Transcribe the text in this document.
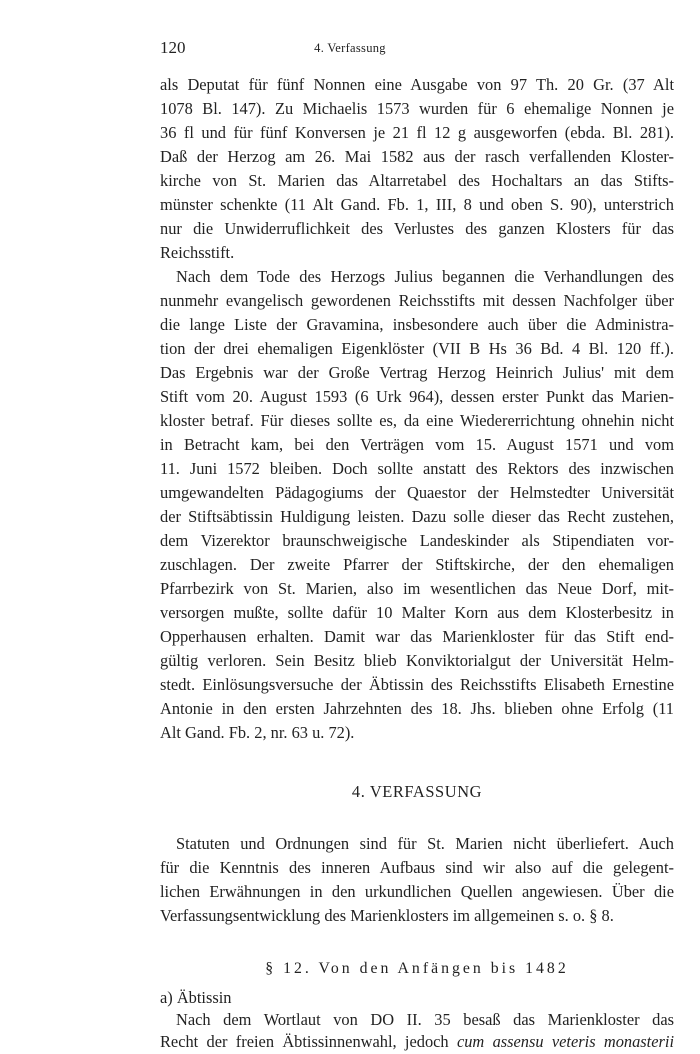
120	4. Verfassung
als Deputat für fünf Nonnen eine Ausgabe von 97 Th. 20 Gr. (37 Alt
1078 Bl. 147). Zu Michaelis 1573 wurden für 6 ehemalige Nonnen je
36 fl und für fünf Konversen je 21 fl 12 g ausgeworfen (ebda. Bl. 281).
Daß der Herzog am 26. Mai 1582 aus der rasch verfallenden Kloster-
kirche von St. Marien das Altarretabel des Hochaltars an das Stifts-
münster schenkte (11 Alt Gand. Fb. 1, III, 8 und oben S. 90), unterstrich
nur die Unwiderruflichkeit des Verlustes des ganzen Klosters für das
Reichsstift.
Nach dem Tode des Herzogs Julius begannen die Verhandlungen des
nunmehr evangelisch gewordenen Reichsstifts mit dessen Nachfolger über
die lange Liste der Gravamina, insbesondere auch über die Administra-
tion der drei ehemaligen Eigenklöster (VII B Hs 36 Bd. 4 Bl. 120 ff.).
Das Ergebnis war der Große Vertrag Herzog Heinrich Julius' mit dem
Stift vom 20. August 1593 (6 Urk 964), dessen erster Punkt das Marien-
kloster betraf. Für dieses sollte es, da eine Wiedererrichtung ohnehin nicht
in Betracht kam, bei den Verträgen vom 15. August 1571 und vom
11. Juni 1572 bleiben. Doch sollte anstatt des Rektors des inzwischen
umgewandelten Pädagogiums der Quaestor der Helmstedter Universität
der Stiftsäbtissin Huldigung leisten. Dazu solle dieser das Recht zustehen,
dem Vizerektor braunschweigische Landeskinder als Stipendiaten vor-
zuschlagen. Der zweite Pfarrer der Stiftskirche, der den ehemaligen
Pfarrbezirk von St. Marien, also im wesentlichen das Neue Dorf, mit-
versorgen mußte, sollte dafür 10 Malter Korn aus dem Klosterbesitz in
Opperhausen erhalten. Damit war das Marienkloster für das Stift end-
gültig verloren. Sein Besitz blieb Konviktorialgut der Universität Helm-
stedt. Einlösungsversuche der Äbtissin des Reichsstifts Elisabeth Ernestine
Antonie in den ersten Jahrzehnten des 18. Jhs. blieben ohne Erfolg (11
Alt Gand. Fb. 2, nr. 63 u. 72).
4. VERFASSUNG
Statuten und Ordnungen sind für St. Marien nicht überliefert. Auch
für die Kenntnis des inneren Aufbaus sind wir also auf die gelegent-
lichen Erwähnungen in den urkundlichen Quellen angewiesen. Über die
Verfassungsentwicklung des Marienklosters im allgemeinen s. o. § 8.
§ 12. Von den Anfängen bis 1482
a) Äbtissin
Nach dem Wortlaut von DO II. 35 besaß das Marienkloster das
Recht der freien Äbtissinnenwahl, jedoch cum assensu veteris monasterii
